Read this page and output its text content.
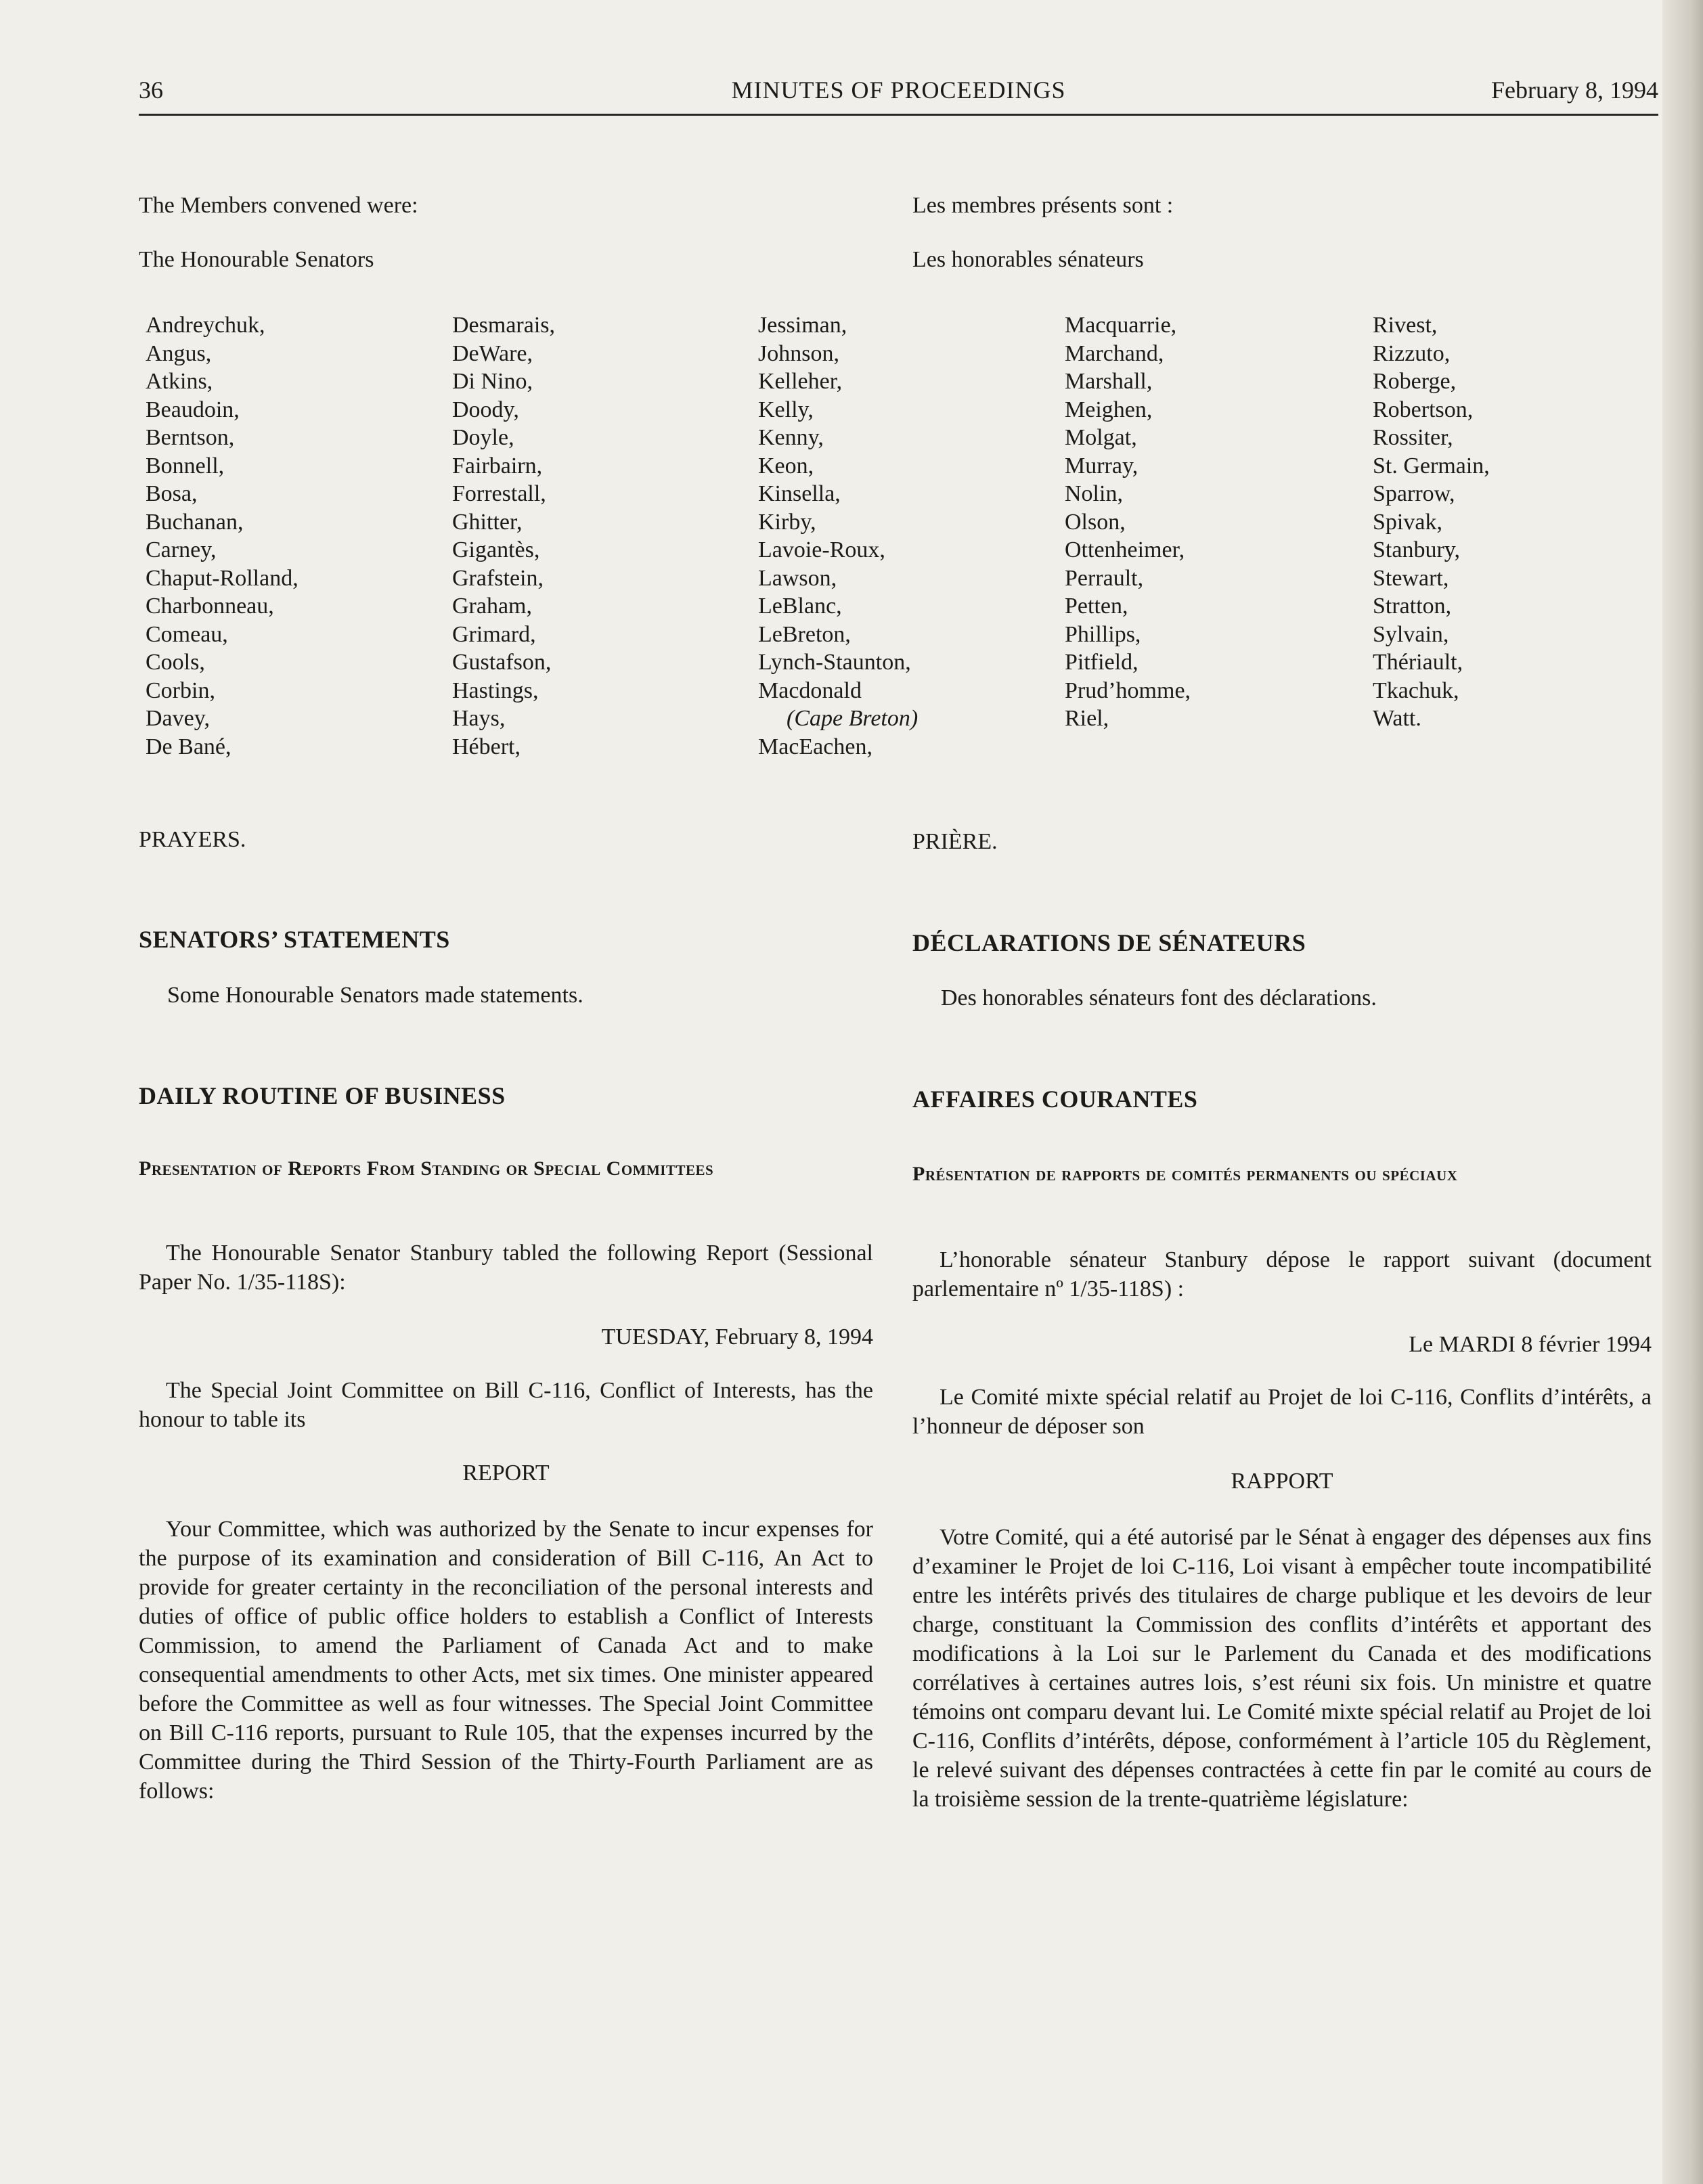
MINUTES OF PROCEEDINGS
36	February 8, 1994
The Members convened were:
The Honourable Senators
PRAYERS.
SENATORS’ STATEMENTS
Some Honourable Senators made statements.
DAILY ROUTINE OF BUSINESS
Presentation of Reports From Standing or Special Committees
The Honourable Senator Stanbury tabled the following Report (Sessional Paper No. 1/35-118S):
TUESDAY, February 8, 1994
The Special Joint Committee on Bill C-116, Conflict of Interests, has the honour to table its
REPORT
Your Committee, which was authorized by the Senate to incur expenses for the purpose of its examination and consideration of Bill C-116, An Act to provide for greater certainty in the reconciliation of the personal interests and duties of office of public office holders to establish a Conflict of Interests Commission, to amend the Parliament of Canada Act and to make consequential amendments to other Acts, met six times. One minister appeared before the Committee as well as four witnesses. The Special Joint Committee on Bill C-116 reports, pursuant to Rule 105, that the expenses incurred by the Committee during the Third Session of the Thirty-Fourth Parliament are as follows:
Les membres présents sont :
Les honorables sénateurs
PRIÈRE.
DÉCLARATIONS DE SÉNATEURS
Des honorables sénateurs font des déclarations.
AFFAIRES COURANTES
Présentation de rapports de comités permanents ou spéciaux
L’honorable sénateur Stanbury dépose le rapport suivant (document parlementaire nº 1/35-118S) :
Le MARDI 8 février 1994
Le Comité mixte spécial relatif au Projet de loi C-116, Conflits d’intérêts, a l’honneur de déposer son
RAPPORT
Votre Comité, qui a été autorisé par le Sénat à engager des dépenses aux fins d’examiner le Projet de loi C-116, Loi visant à empêcher toute incompatibilité entre les intérêts privés des titulaires de charge publique et les devoirs de leur charge, constituant la Commission des conflits d’intérêts et apportant des modifications à la Loi sur le Parlement du Canada et des modifications corrélatives à certaines autres lois, s’est réuni six fois. Un ministre et quatre témoins ont comparu devant lui. Le Comité mixte spécial relatif au Projet de loi C-116, Conflits d’intérêts, dépose, conformément à l’article 105 du Règlement, le relevé suivant des dépenses contractées à cette fin par le comité au cours de la troisième session de la trente-quatrième législature:
Andreychuk,
Angus,
Atkins,
Beaudoin,
Berntson,
Bonnell,
Bosa,
Buchanan,
Carney,
Chaput-Rolland,
Charbonneau,
Comeau,
Cools,
Corbin,
Davey,
De Bané,
Desmarais,
DeWare,
Di Nino,
Doody,
Doyle,
Fairbairn,
Forrestall,
Ghitter,
Gigantès,
Grafstein,
Graham,
Grimard,
Gustafson,
Hastings,
Hays,
Hébert,
Jessiman,
Johnson,
Kelleher,
Kelly,
Kenny,
Keon,
Kinsella,
Kirby,
Lavoie-Roux,
Lawson,
LeBlanc,
LeBreton,
Lynch-Staunton,
Macdonald
(Cape Breton)
MacEachen,
Macquarrie,
Marchand,
Marshall,
Meighen,
Molgat,
Murray,
Nolin,
Olson,
Ottenheimer,
Perrault,
Petten,
Phillips,
Pitfield,
Prud’homme,
Riel,
Rivest,
Rizzuto,
Roberge,
Robertson,
Rossiter,
St. Germain,
Sparrow,
Spivak,
Stanbury,
Stewart,
Stratton,
Sylvain,
Thériault,
Tkachuk,
Watt.
